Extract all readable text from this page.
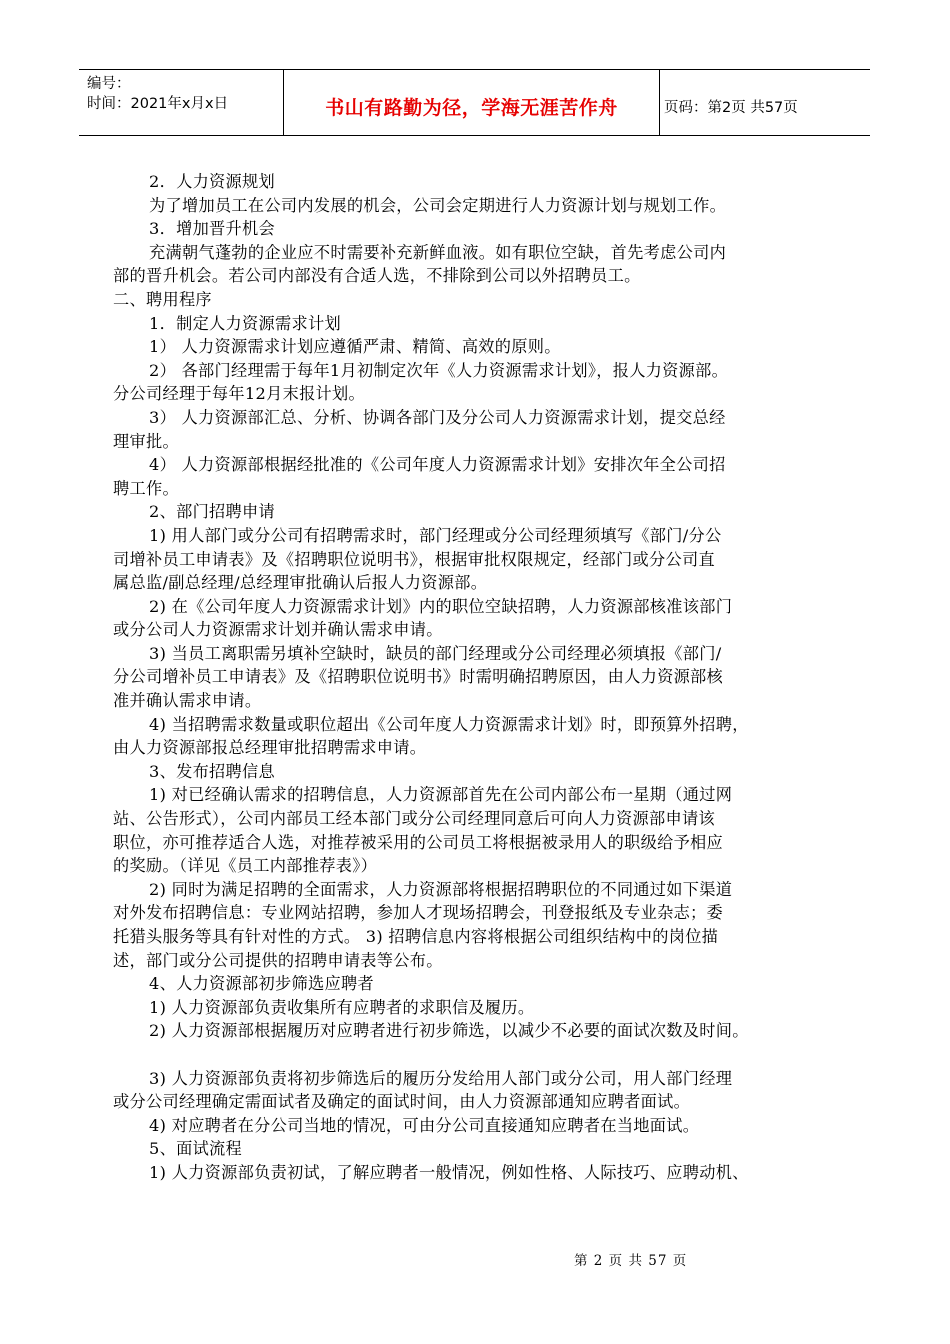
编号：
时间：2021年x月x日	书山有路勤为径，学海无涯苦作舟	页码：第2页 共57页
2．人力资源规划
为了增加员工在公司内发展的机会，公司会定期进行人力资源计划与规划工作。
3．增加晋升机会
充满朝气蓬勃的企业应不时需要补充新鲜血液。如有职位空缺，首先考虑公司内
部的晋升机会。若公司内部没有合适人选，不排除到公司以外招聘员工。
二、聘用程序
1．制定人力资源需求计划
1） 人力资源需求计划应遵循严肃、精简、高效的原则。
2） 各部门经理需于每年1月初制定次年《人力资源需求计划》，报人力资源部。
分公司经理于每年12月末报计划。
3） 人力资源部汇总、分析、协调各部门及分公司人力资源需求计划，提交总经
理审批。
4） 人力资源部根据经批准的《公司年度人力资源需求计划》安排次年全公司招
聘工作。
2、部门招聘申请
1) 用人部门或分公司有招聘需求时，部门经理或分公司经理须填写《部门/分公
司增补员工申请表》及《招聘职位说明书》，根据审批权限规定，经部门或分公司直
属总监/副总经理/总经理审批确认后报人力资源部。
2) 在《公司年度人力资源需求计划》内的职位空缺招聘，人力资源部核准该部门
或分公司人力资源需求计划并确认需求申请。
3) 当员工离职需另填补空缺时，缺员的部门经理或分公司经理必须填报《部门/
分公司增补员工申请表》及《招聘职位说明书》时需明确招聘原因，由人力资源部核
准并确认需求申请。
4) 当招聘需求数量或职位超出《公司年度人力资源需求计划》时，即预算外招聘，
由人力资源部报总经理审批招聘需求申请。
3、发布招聘信息
1) 对已经确认需求的招聘信息，人力资源部首先在公司内部公布一星期（通过网
站、公告形式），公司内部员工经本部门或分公司经理同意后可向人力资源部申请该
职位，亦可推荐适合人选，对推荐被采用的公司员工将根据被录用人的职级给予相应
的奖励。（详见《员工内部推荐表》）
2) 同时为满足招聘的全面需求，人力资源部将根据招聘职位的不同通过如下渠道
对外发布招聘信息：专业网站招聘，参加人才现场招聘会，刊登报纸及专业杂志；委
托猎头服务等具有针对性的方式。 3) 招聘信息内容将根据公司组织结构中的岗位描
述，部门或分公司提供的招聘申请表等公布。
4、人力资源部初步筛选应聘者
1) 人力资源部负责收集所有应聘者的求职信及履历。
2) 人力资源部根据履历对应聘者进行初步筛选，以减少不必要的面试次数及时间。
3) 人力资源部负责将初步筛选后的履历分发给用人部门或分公司，用人部门经理
或分公司经理确定需面试者及确定的面试时间，由人力资源部通知应聘者面试。
4) 对应聘者在分公司当地的情况，可由分公司直接通知应聘者在当地面试。
5、面试流程
1) 人力资源部负责初试，了解应聘者一般情况，例如性格、人际技巧、应聘动机、
第 2 页 共 57 页
